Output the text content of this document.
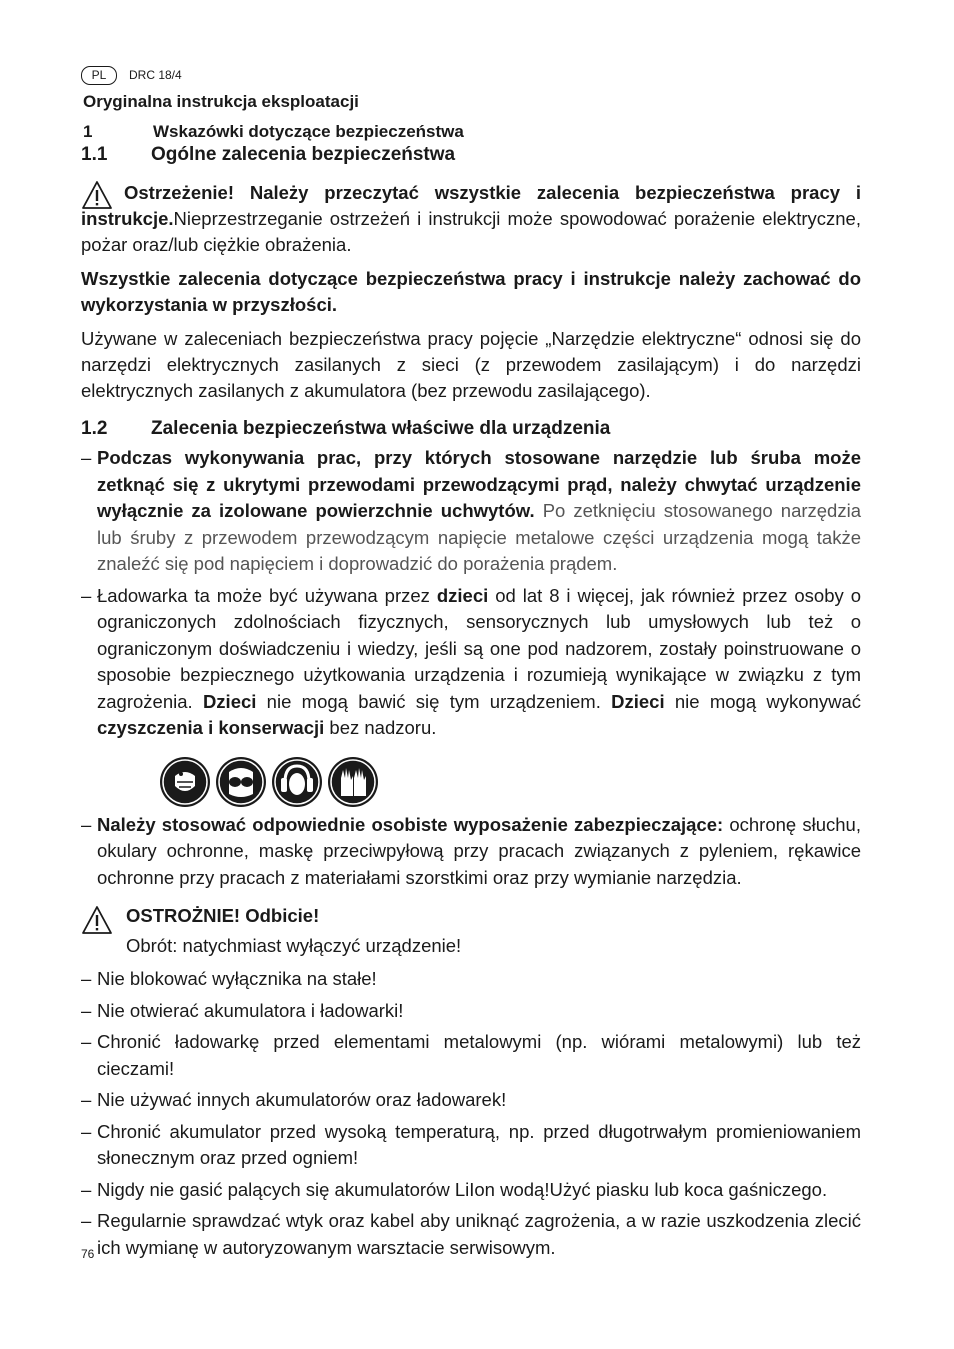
PL	DRC 18/4
Oryginalna instrukcja eksploatacji
1	Wskazówki dotyczące bezpieczeństwa
1.1	Ogólne zalecenia bezpieczeństwa

Ostrzeżenie! Należy przeczytać wszystkie zalecenia bezpieczeństwa pracy i instrukcje.Nieprzestrzeganie ostrzeżeń i instrukcji może spowodować porażenie elektryczne, pożar oraz/lub ciężkie obrażenia.

Wszystkie zalecenia dotyczące bezpieczeństwa pracy i instrukcje należy zachować do wykorzystania w przyszłości.

Używane w zaleceniach bezpieczeństwa pracy pojęcie „Narzędzie elektryczne“ odnosi się do narzędzi elektrycznych zasilanych z sieci (z przewodem zasilającym) i do narzędzi elektrycznych zasilanych z akumulatora (bez przewodu zasilającego).

1.2	Zalecenia bezpieczeństwa właściwe dla urządzenia
– Podczas wykonywania prac, przy których stosowane narzędzie lub śruba może zetknąć się z ukrytymi przewodami przewodzącymi prąd, należy chwytać urządzenie wyłącznie za izolowane powierzchnie uchwytów. Po zetknięciu stosowanego narzędzia lub śruby z przewodem przewodzącym napięcie metalowe części urządzenia mogą także znaleźć się pod napięciem i doprowadzić do porażenia prądem.
– Ładowarka ta może być używana przez dzieci od lat 8 i więcej, jak również przez osoby o ograniczonych zdolnościach fizycznych, sensorycznych lub umysłowych lub też o ograniczonym doświadczeniu i wiedzy, jeśli są one pod nadzorem, zostały poinstruowane o sposobie bezpiecznego użytkowania urządzenia i rozumieją wynikające w związku z tym zagrożenia. Dzieci nie mogą bawić się tym urządzeniem. Dzieci nie mogą wykonywać czyszczenia i konserwacji bez nadzoru.
– Należy stosować odpowiednie osobiste wyposażenie zabezpieczające: ochronę słuchu, okulary ochronne, maskę przeciwpyłową przy pracach związanych z pyleniem, rękawice ochronne przy pracach z materiałami szorstkimi oraz przy wymianie narzędzia.
OSTROŻNIE! Odbicie!
Obrót: natychmiast wyłączyć urządzenie!
– Nie blokować wyłącznika na stałe!
– Nie otwierać akumulatora i ładowarki!
– Chronić ładowarkę przed elementami metalowymi (np. wiórami metalowymi) lub też cieczami!
– Nie używać innych akumulatorów oraz ładowarek!
– Chronić akumulator przed wysoką temperaturą, np. przed długotrwałym promieniowaniem słonecznym oraz przed ogniem!
– Nigdy nie gasić palących się akumulatorów LiIon wodą!Użyć piasku lub koca gaśniczego.
– Regularnie sprawdzać wtyk oraz kabel aby uniknąć zagrożenia, a w razie uszkodzenia zlecić ich wymianę w autoryzowanym warsztacie serwisowym.
76
